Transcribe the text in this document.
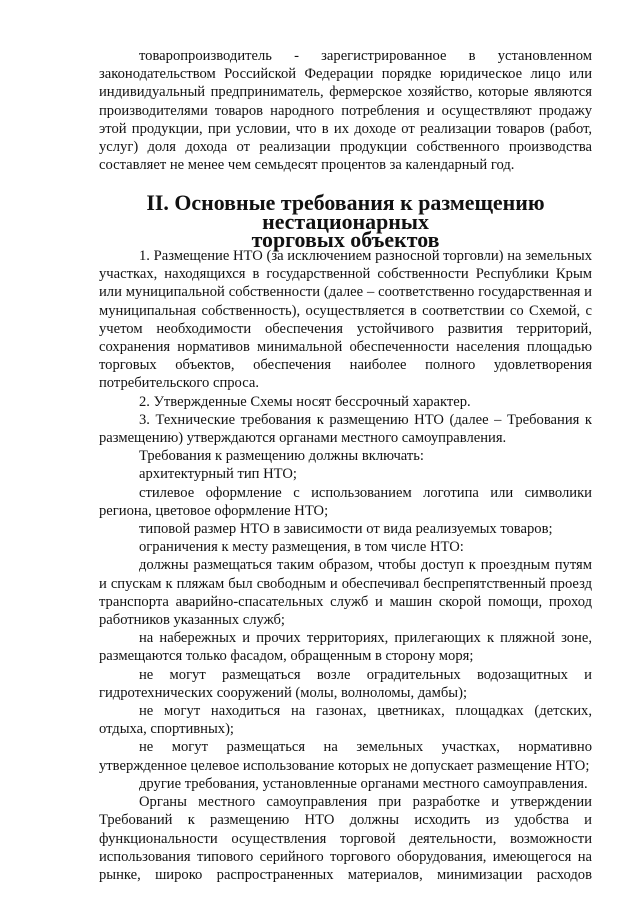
товаропроизводитель - зарегистрированное в установленном

законодательством Российской Федерации порядке юридическое лицо или индивидуальный предприниматель, фермерское хозяйство, которые являются производителями товаров народного потребления и осуществляют продажу этой продукции, при условии, что в их доходе от реализации товаров (работ, услуг) доля дохода от реализации продукции собственного производства составляет не менее чем семьдесят процентов за календарный год.

II. Основные требования к размещению нестационарных
торговых объектов

1. Размещение НТО (за исключением разносной торговли) на земельных участках, находящихся в государственной собственности Республики Крым или муниципальной собственности (далее – соответственно государственная и муниципальная собственность), осуществляется в соответствии со Схемой, с учетом необходимости обеспечения устойчивого развития территорий, сохранения нормативов минимальной обеспеченности населения площадью торговых объектов, обеспечения наиболее полного удовлетворения потребительского спроса.

2. Утвержденные Схемы носят бессрочный характер.

3. Технические требования к размещению НТО (далее – Требования к размещению) утверждаются органами местного самоуправления.

Требования к размещению должны включать:

архитектурный тип НТО;

стилевое оформление с использованием логотипа или символики региона, цветовое оформление НТО;

типовой размер НТО в зависимости от вида реализуемых товаров;

ограничения к месту размещения, в том числе НТО:

должны размещаться таким образом, чтобы доступ к проездным путям и спускам к пляжам был свободным и обеспечивал беспрепятственный проезд транспорта аварийно-спасательных служб и машин скорой помощи, проход работников указанных служб;

на набережных и прочих территориях, прилегающих к пляжной зоне, размещаются только фасадом, обращенным в сторону моря;

не могут размещаться возле оградительных водозащитных и гидротехнических сооружений (молы, волноломы, дамбы);

не могут находиться на газонах, цветниках, площадках (детских, отдыха, спортивных);

не могут размещаться на земельных участках, нормативно утвержденное целевое использование которых не допускает размещение НТО;

другие требования, установленные органами местного самоуправления.

Органы местного самоуправления при разработке и утверждении Требований к размещению НТО должны исходить из удобства и функциональности осуществления торговой деятельности, возможности использования типового серийного торгового оборудования, имеющегося на рынке, широко распространенных материалов, минимизации расходов
